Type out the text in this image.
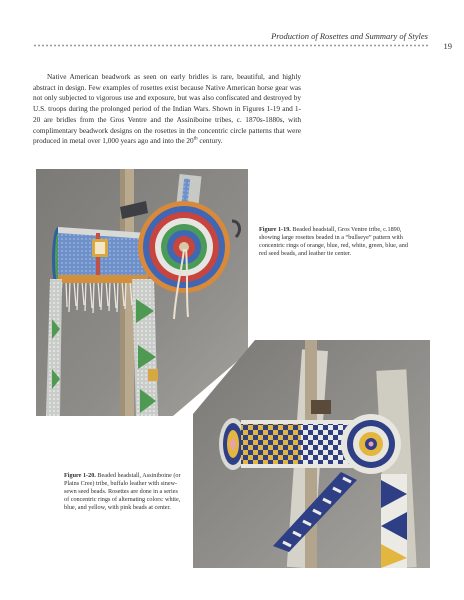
Production of Rosettes and Summary of Styles
19

Native American beadwork as seen on early bridles is rare, beautiful, and highly abstract in design. Few examples of rosettes exist because Native American horse gear was not only subjected to vigorous use and exposure, but was also confiscated and destroyed by U.S. troops during the prolonged period of the Indian Wars. Shown in Figures 1-19 and 1-20 are bridles from the Gros Ventre and the Assiniboine tribes, c. 1870s-1880s, with complimentary beadwork designs on the rosettes in the concentric circle patterns that were produced in metal over 1,000 years ago and into the 20th century.

Figure 1-19. Beaded headstall, Gros Ventre tribe, c.1890, showing large rosettes beaded in a “bullseye” pattern with concentric rings of orange, blue, red, white, green, blue, and red seed beads, and leather tie center.

Figure 1-20. Beaded headstall, Assiniboine (or Plains Cree) tribe, buffalo leather with sinew-sewn seed beads. Rosettes are done in a series of concentric rings of alternating colors: white, blue, and yellow, with pink beads at center.
